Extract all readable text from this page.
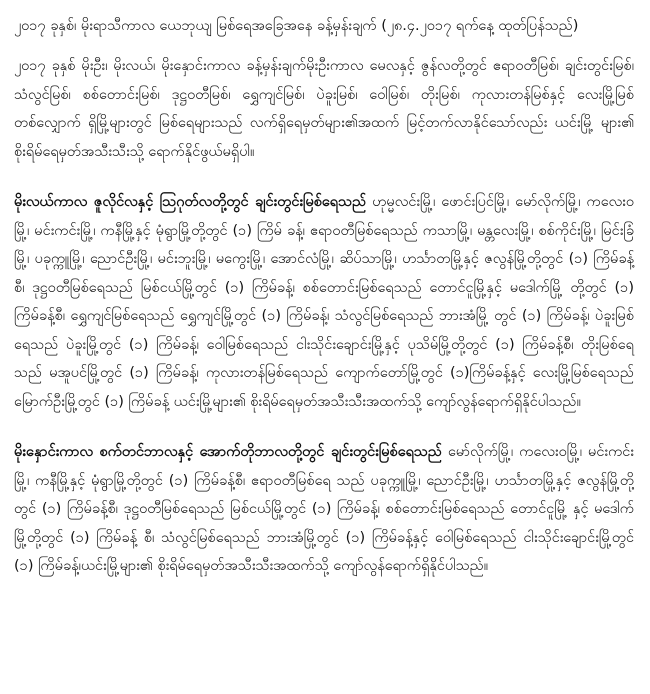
၂၀၁၇ ခုနှစ်၊ မိုးရာသီကာလ ယေဘုယျ မြစ်ရေအခြေအနေ ခန့်မှန်းချက် (၂၈.၄.၂၀၁၇ ရက်နေ့ ထုတ်ပြန်သည်)

၂၀၁၇ ခုနှစ် မိုးဦး၊ မိုးလယ်၊ မိုးနှောင်းကာလ ခန့်မှန်းချက်မိုးဦးကာလ မေလနှင့် ဇွန်လတို့တွင် ဧရာဝတီမြစ်၊ ချင်းတွင်းမြစ်၊ သံလွင်မြစ်၊ စစ်တောင်းမြစ်၊ ဒုဋ္ဌဝတီမြစ်၊ ရွှေကျင်မြစ်၊ ပဲခူးမြစ်၊ ဝေါမြစ်၊ တိုးမြစ်၊ ကုလားတန်မြစ်နှင့် လေးမြို့မြစ် တစ်လျှောက် ရှိမြို့များတွင် မြစ်ရေများသည် လက်ရှိရေမှတ်များ၏အထက် မြင့်တက်လာနိုင်သော်လည်း ယင်းမြို့ များ၏ စိုးရိမ်ရေမှတ်အသီးသီးသို့ ရောက်နိုင်ဖွယ်မရှိပါ။

မိုးလယ်ကာလ ဇူလိုင်လနှင့် ဩဂုတ်လတို့တွင် ချင်းတွင်းမြစ်ရေသည် ဟုမ္မလင်းမြို့၊ ဖောင်းပြင်မြို့၊ မော်လိုက်မြို့၊ ကလေးဝမြို့၊ မင်းကင်းမြို့၊ ကနီမြို့နှင့် မုံရွာမြို့တို့တွင် (၁) ကြိမ် ခန့်၊ ဧရာဝတီမြစ်ရေသည် ကသာမြို့၊ မန္တလေးမြို့၊ စစ်ကိုင်းမြို့၊ မြင်းခြံမြို့၊ ပခုက္ကူမြို့၊ ညောင်ဦးမြို့၊ မင်းဘူးမြို့၊ မကွေးမြို့၊ အောင်လံမြို့၊ ဆိပ်သာမြို့၊ ဟင်္သာတမြို့နှင့် ဇလွန်မြို့တို့တွင် (၁) ကြိမ်ခန့်စီ၊ ဒုဋ္ဌဝတီမြစ်ရေသည် မြစ်ငယ်မြို့တွင် (၁) ကြိမ်ခန့်၊ စစ်တောင်းမြစ်ရေသည် တောင်ငူမြို့နှင့် မဒေါက်မြို့ တို့တွင် (၁) ကြိမ်ခန့်စီ၊ ရွှေကျင်မြစ်ရေသည် ရွှေကျင်မြို့တွင် (၁) ကြိမ်ခန့်၊ သံလွင်မြစ်ရေသည် ဘားအံမြို့ တွင် (၁) ကြိမ်ခန့်၊ ပဲခူးမြစ်ရေသည် ပဲခူးမြို့တွင် (၁) ကြိမ်ခန့်၊ ဝေါမြစ်ရေသည် ငါးသိုင်းချောင်းမြို့နှင့် ပုသိမ်မြို့တို့တွင် (၁) ကြိမ်ခန့်စီ၊ တိုးမြစ်ရေသည် မအူပင်မြို့တွင် (၁) ကြိမ်ခန့်၊ ကုလားတန်မြစ်ရေသည် ကျောက်တော်မြို့တွင် (၁)ကြိမ်ခန့်နှင့် လေးမြို့မြစ်ရေသည် မြောက်ဦးမြို့တွင် (၁) ကြိမ်ခန့် ယင်းမြို့များ၏ စိုးရိမ်ရေမှတ်အသီးသီးအထက်သို့ ကျော်လွန်ရောက်ရှိနိုင်ပါသည်။

မိုးနှောင်းကာလ စက်တင်ဘာလနှင့် အောက်တိုဘာလတို့တွင် ချင်းတွင်းမြစ်ရေသည် မော်လိုက်မြို့၊ ကလေးဝမြို့၊ မင်းကင်းမြို့၊ ကနီမြို့နှင့် မုံရွာမြို့တို့တွင် (၁) ကြိမ်ခန့်စီ၊ ဧရာဝတီမြစ်ရေ သည် ပခုက္ကူမြို့၊ ညောင်ဦးမြို့၊ ဟင်္သာတမြို့နှင့် ဇလွန်မြို့တို့တွင် (၁) ကြိမ်ခန့်စီ၊ ဒုဋ္ဌဝတီမြစ်ရေသည် မြစ်ငယ်မြို့တွင် (၁) ကြိမ်ခန့်၊ စစ်တောင်းမြစ်ရေသည် တောင်ငူမြို့ နှင့် မဒေါက်မြို့တို့တွင် (၁) ကြိမ်ခန့် စီ၊ သံလွင်မြစ်ရေသည် ဘားအံမြို့တွင် (၁) ကြိမ်ခန့်နှင့် ဝေါမြစ်ရေသည် ငါးသိုင်းချောင်းမြို့တွင် (၁) ကြိမ်ခန့်၊ယင်းမြို့များ၏ စိုးရိမ်ရေမှတ်အသီးသီးအထက်သို့ ကျော်လွန်ရောက်ရှိနိုင်ပါသည်။
